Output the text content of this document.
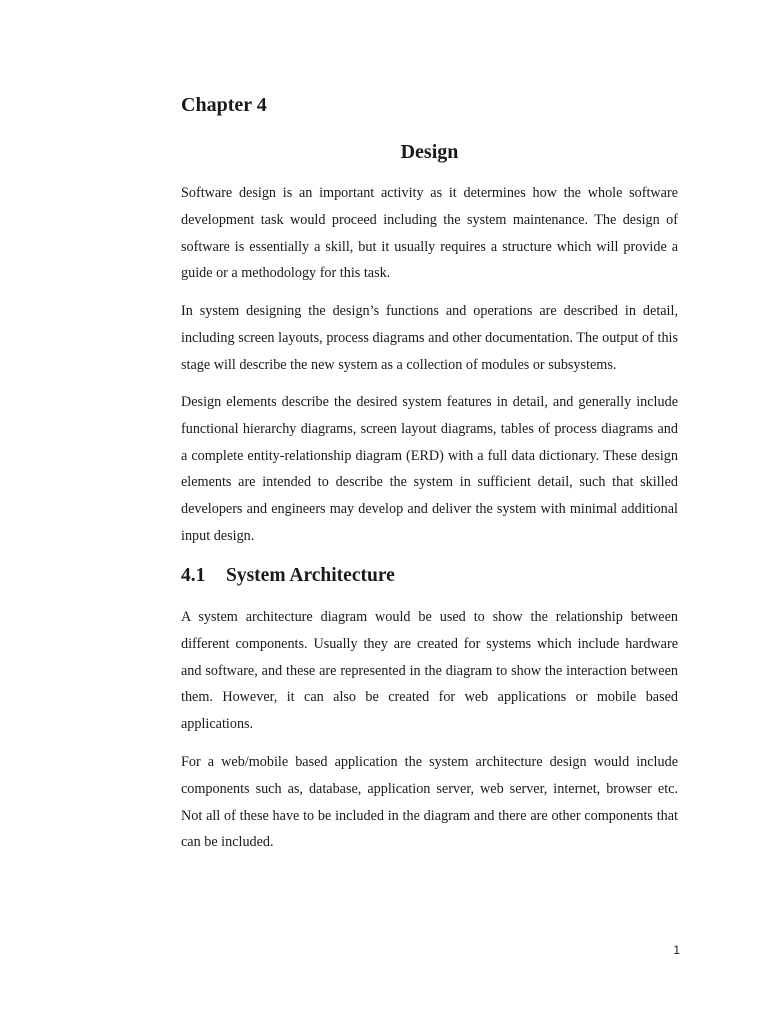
Chapter 4
Design

Software design is an important activity as it determines how the whole software development task would proceed including the system maintenance. The design of software is essentially a skill, but it usually requires a structure which will provide a guide or a methodology for this task.

In system designing the design’s functions and operations are described in detail, including screen layouts, process diagrams and other documentation. The output of this stage will describe the new system as a collection of modules or subsystems.

Design elements describe the desired system features in detail, and generally include functional hierarchy diagrams, screen layout diagrams, tables of process diagrams and a complete entity-relationship diagram (ERD) with a full data dictionary. These design elements are intended to describe the system in sufficient detail, such that skilled developers and engineers may develop and deliver the system with minimal additional input design.

4.1 System Architecture

A system architecture diagram would be used to show the relationship between different components. Usually they are created for systems which include hardware and software, and these are represented in the diagram to show the interaction between them. However, it can also be created for web applications or mobile based applications.

For a web/mobile based application the system architecture design would include components such as, database, application server, web server, internet, browser etc. Not all of these have to be included in the diagram and there are other components that can be included.

1
